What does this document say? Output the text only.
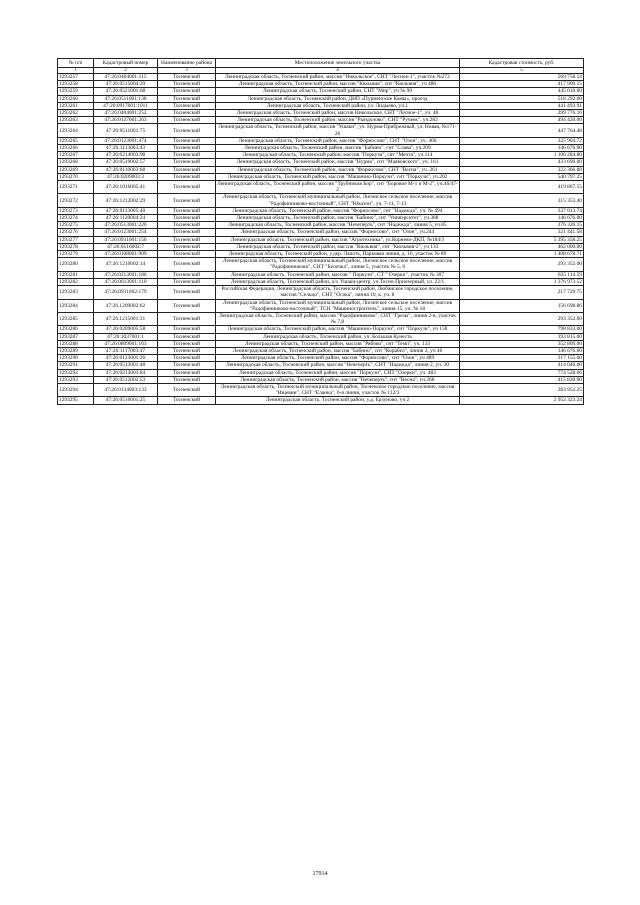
№ п/п	Кадастровый номер	Наименование района	Местоположение земельного участка	Кадастровая стоимость, руб.
1	2	3	4	5
1293257	47:26:0404001:115	Тосненский	Ленинградская область, Тосненский район, массив "Никольское", СНТ "Лесное-1", участок №272	569 758.14
1293258	47:26:0515004:29	Тосненский	Ленинградская область, Тосненский район, массив "Кюльвия", снт "Кюльвия", уч 486	417 909.15
1293259	47:26:0521001:68	Тосненский	Ленинградская область, Тосненский район, СНТ "Мир", уч № 90	445 010.00
1293260	47:26:0511001:138	Тосненский	Ленинградская область, Тосненский район, ДНП «Пурменские Камы», проезд	518 292.00
1293261	47:26:0917001:1011	Тосненский	Ленинградская область, Тосненский район, ул. Лидыево, уч.1	441 493.91
1293262	47:26:0404001:252	Тосненский	Ленинградская область, Тосненский район, массив Никольское, СНТ "Лесное-1", уч. 48	299 776.16
1293263	47:26:0127001:263	Тосненский	Ленинградская область, Тосненский район, массив "Рындолово", СНТ "Ручеек", уч.282	494 420.00
1293264	47:26:0511001:75	Тосненский	Ленинградская область, Тосненский район, массив "Ушаки", уч. Нурма-Прибрежный, ул. Новая, №171-26	447 764.48
1293265	47:26:0123001:474	Тосненский	Ленинградская область, Тосненский район, массив "Форносово", СНТ "Озон", уч. 466	325 904.72
1293266	47:26:1113003:43	Тосненский	Ленинградская область, Тосненский район, массив "Бабино", снт "Слава", уч.209	146 676.00
1293267	47:26:0214003:98	Тосненский	Ленинградская область, Тосненский район, массив "Поркузи", снт "Мечта", уч.114	1 106 284.80
1293268	47:26:0519002:57	Тосненский	Ленинградская область, Тосненский район, массив "Нурма", снт "Маяковского", уч. 161	433 690.00
1293269	47:26:0110003:68	Тосненский	Ленинградская область, Тосненский район, массив "Форносово", СНТ "Весна", уч. 261	322 366.88
1293270	47:26:0209003:3	Тосненский	Ленинградская область, Тосненский район, массив "Машинно-Поркузи", снт "Поркузи", уч.202	540 797.25
1293271	47:26:1016005:41	Тосненский	Ленинградская область, Тосненский район, массив "Трубников Бор", снт "Боровое М-1 и М-2", уч.46/47-2	419 867.55
1293272	47:26:1212002:29	Тосненский	Ленинградская область, Тосненский муниципальный район, Лисинское сельское поселение, массив "Радофинниково-восточный", СНТ "Юкатон", уч. 7-11, 7-13	315 353.40
1293273	47:26:0113005:40	Тосненский	Ленинградская область, Тосненский район, массив "Форносово", снт "Надежда", уч. № 494	337 013.74
1293274	47:26:1120004:34	Тосненский	Ленинградская область, Тосненский район, массив "Бабино", снт "Унивэрситет", уч.388	146 676.00
1293275	47:26:0513001:220	Тосненский	Ленинградская область, Тосненский район, массив "Нечеперть", снт "Надежда", линия 5, уч.85	376 326.15
1293276	47:26:0123001:254	Тосненский	Ленинградская область, Тосненский район, массив "Форносово", снт "Озон", уч.244	321 441.58
1293277	47:26:0931001:150	Тосненский	Ленинградская область, Тосненский район, массив "Агротехника", ул.Корнево-ДКП, №184/3	5 395 358.25
1293278	47:26:0516002:7	Тосненский	Ленинградская область, Тосненский район, массив "Кюльвия", снт "Кюльвия-2", уч 133	462 000.00
1293279	47:26:0108001:909	Тосненский	Ленинградская область, Тосненский район, у.дер. Лапоть, Парковая линия, д. 16, участок № 89	1 408 678.71
1293280	47:26:1210002:14	Тосненский	Ленинградская область, Тосненский муниципальный район, Лисинское сельское поселение, массив "Радофинниково", СНТ "Белочка", линия 5, участок № 5, 6	293 352.00
1293281	47:26:0213001:186	Тосненский	Ленинградская область, Тосненский район, массив " Поркузи", СТ " Озерки", участок № 307	835 114.59
1293282	47:26:0613001:110	Тосненский	Ленинградская область, Тосненский район, о/х Ушаки-центр, уч.Тосно-Приозерный, ул. 22/1	1 376 973.52
1293283	47:26:0931002:179	Тосненский	Российская Федерация, Ленинградская область, Тосненский район, Любанское городское поселение, массив "Сельцо", СНТ "Осока", линия 10, к. уч. 8	217 729.75
1293284	47:26.1209002:62	Тосненский	Ленинградская область, Тосненский муниципальный район, Лисинское сельское поселение, массив "Радофинниково-восточный", ТСН "Машиностроитель", линия 15, уч. № 18	156 698.86
1293285	47:26.1215001:31	Тосненский	Ленинградская область, Тосненский район, массив "Радофинниково", СНТ "Грезы", линия 2-я, участок № 7,8	293 352.00
1293286	47:26:0209005:58	Тосненский	Ленинградская область, Тосненский район, массив "Машинно-Поркузи", снт "Поркузи", уч 158	798 833.00
1293287	47:26:1037001:1	Тосненский	Ленинградская область, Тосненский район, уч. Большая Кунесть	193 815.00
1293288	47:26:0809001:163	Тосненский	Ленинградская область, Тосненский район, массив "Рябово", снт "Темп", уч. 133	352 809.00
1293289	47:26:1117003:47	Тосненский	Ленинградская область, Тосненский район, массив "Бабино", снт "Корабел", линия 2, уч 46	146 676.00
1293290	47:26:0123001:26	Тосненский	Ленинградская область, Тосненский район, массив "Форносово", снт "Озон", уч 489	317 155.60
1293291	47:26:0513001:48	Тосненский	Ленинградская область, Тосненский район, массив "Нечеперть", СНТ "Надежда", линия 2, уч. 30	414 040.00
1293292	47:26:0213003:84	Тосненский	Ленинградская область, Тосненский район, массив "Поркузи", СНТ "Озерки", уч. 483	774 528.06
1293293	47:26:0512002:53	Тосненский	Ленинградская область, Тосненский район, массив "Нечеперть", снт "Весна", уч.268	415 830.00
1293294	47:26:0134003:133	Тосненский	Ленинградская область, Тосненский муниципальный район, Тосненское городское поселение, массив "Ищевин", СНТ "Еланка", 6-я линия, участок № 112/3	283 952.25
1293295	47:26:0510001:25	Тосненский	Ленинградская область, Тосненский район, у.д. Ерзуново, уч 2	2 952 323.24
17914
